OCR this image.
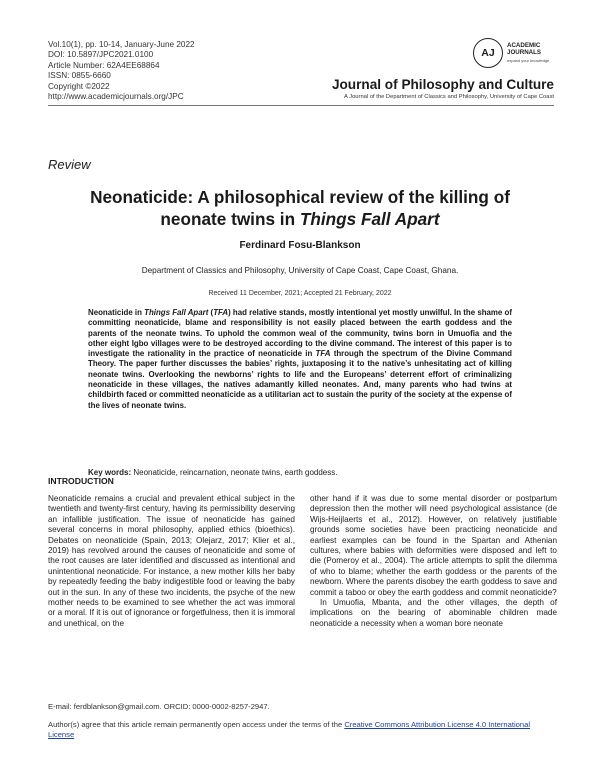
Vol.10(1), pp. 10-14, January-June 2022
DOI: 10.5897/JPC2021.0100
Article Number: 62A4EE68864
ISSN: 0855-6660
Copyright ©2022
http://www.academicjournals.org/JPC
AJ
ACADEMIC
JOURNALS
expand your knowledge
Journal of Philosophy and Culture
A Journal of the Department of Classics and Philosophy, University of Cape Coast
Review
Neonaticide: A philosophical review of the killing of
neonate twins in Things Fall Apart
Ferdinard Fosu-Blankson
Department of Classics and Philosophy, University of Cape Coast, Cape Coast, Ghana.
Received 11 December, 2021; Accepted 21 February, 2022
Neonaticide in Things Fall Apart (TFA) had relative stands, mostly intentional yet mostly unwilful. In the shame of committing neonaticide, blame and responsibility is not easily placed between the earth goddess and the parents of the neonate twins. To uphold the common weal of the community, twins born in Umuofia and the other eight Igbo villages were to be destroyed according to the divine command. The interest of this paper is to investigate the rationality in the practice of neonaticide in TFA through the spectrum of the Divine Command Theory. The paper further discusses the babies’ rights, juxtaposing it to the native’s unhesitating act of killing neonate twins. Overlooking the newborns’ rights to life and the Europeans’ deterrent effort of criminalizing neonaticide in these villages, the natives adamantly killed neonates. And, many parents who had twins at childbirth faced or committed neonaticide as a utilitarian act to sustain the purity of the society at the expense of the lives of neonate twins.
Key words: Neonaticide, reincarnation, neonate twins, earth goddess.
INTRODUCTION

Neonaticide remains a crucial and prevalent ethical subject in the twentieth and twenty-first century, having its permissibility deserving an infallible justification. The issue of neonaticide has gained several concerns in moral philosophy, applied ethics (bioethics). Debates on neonaticide (Spain, 2013; Olejarz, 2017; Klier et al., 2019) has revolved around the causes of neonaticide and some of the root causes are later identified and discussed as intentional and unintentional neonaticide. For instance, a new mother kills her baby by repeatedly feeding the baby indigestible food or leaving the baby out in the sun. In any of these two incidents, the psyche of the new mother needs to be examined to see whether the act was immoral or a moral. If it is out of ignorance or forgetfulness, then it is immoral and unethical, on the

other hand if it was due to some mental disorder or postpartum depression then the mother will need psychological assistance (de Wijs-Heijlaerts et al., 2012). However, on relatively justifiable grounds some societies have been practicing neonaticide and earliest examples can be found in the Spartan and Athenian cultures, where babies with deformities were disposed and left to die (Pomeroy et al., 2004). The article attempts to split the dilemma of who to blame; whether the earth goddess or the parents of the newborn. Where the parents disobey the earth goddess to save and commit a taboo or obey the earth goddess and commit neonaticide?

In Umuofia, Mbanta, and the other villages, the depth of implications on the bearing of abominable children made neonaticide a necessity when a woman bore neonate

E-mail: ferdblankson@gmail.com. ORCID: 0000-0002-8257-2947.
Author(s) agree that this article remain permanently open access under the terms of the Creative Commons Attribution License 4.0 International License
